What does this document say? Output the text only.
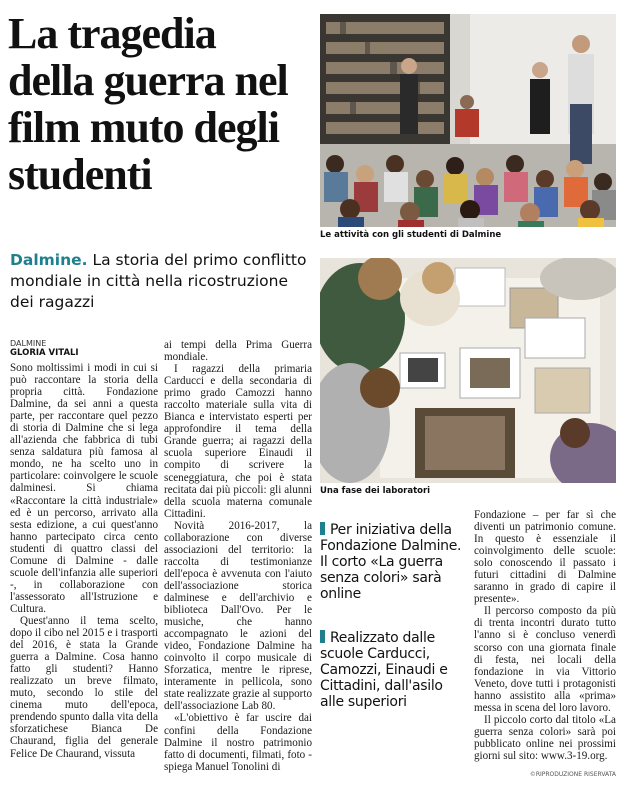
La tragedia della guerra nel film muto degli studenti
Dalmine. La storia del primo conflitto mondiale in città nella ricostruzione dei ragazzi
Le attività con gli studenti di Dalmine
Una fase dei laboratori
DALMINE
GLORIA VITALI

Sono moltissimi i modi in cui si può raccontare la storia della propria città. Fondazione Dalmine, da sei anni a questa parte, per raccontare quel pezzo di storia di Dalmine che si lega all'azienda che fabbrica di tubi senza saldatura più famosa al mondo, ne ha scelto uno in particolare: coinvolgere le scuole dalminesi. Si chiama «Raccontare la città industriale» ed è un percorso, arrivato alla sesta edizione, a cui quest'anno hanno partecipato circa cento studenti di quattro classi del Comune di Dalmine - dalle scuole dell'infanzia alle superiori -, in collaborazione con l'assessorato all'Istruzione e Cultura.

Quest'anno il tema scelto, dopo il cibo nel 2015 e i trasporti del 2016, è stata la Grande guerra a Dalmine. Cosa hanno fatto gli studenti? Hanno realizzato un breve filmato, muto, secondo lo stile del cinema muto dell'epoca, prendendo spunto dalla vita della sforzatichese Bianca De Chaurand, figlia del generale Felice De Chaurand, vissuta

ai tempi della Prima Guerra mondiale.

I ragazzi della primaria Carducci e della secondaria di primo grado Camozzi hanno raccolto materiale sulla vita di Bianca e intervistato esperti per approfondire il tema della Grande guerra; ai ragazzi della scuola superiore Einaudi il compito di scrivere la sceneggiatura, che poi è stata recitata dai più piccoli: gli alunni della scuola materna comunale Cittadini.

Novità 2016-2017, la collaborazione con diverse associazioni del territorio: la raccolta di testimonianze dell'epoca è avvenuta con l'aiuto dell'associazione storica dalminese e dell'archivio e biblioteca Dall'Ovo. Per le musiche, che hanno accompagnato le azioni del video, Fondazione Dalmine ha coinvolto il corpo musicale di Sforzatica, mentre le riprese, interamente in pellicola, sono state realizzate grazie al supporto dell'associazione Lab 80.

«L'obiettivo è far uscire dai confini della Fondazione Dalmine il nostro patrimonio fatto di documenti, filmati, foto -spiega Manuel Tonolini di

Per iniziativa della Fondazione Dalmine. Il corto «La guerra senza colori» sarà online
Realizzato dalle scuole Carducci, Camozzi, Einaudi e Cittadini, dall'asilo alle superiori

Fondazione – per far sì che diventi un patrimonio comune. In questo è essenziale il coinvolgimento delle scuole: solo conoscendo il passato i futuri cittadini di Dalmine saranno in grado di capire il presente».

Il percorso composto da più di trenta incontri durato tutto l'anno si è concluso venerdì scorso con una giornata finale di festa, nei locali della fondazione in via Vittorio Veneto, dove tutti i protagonisti hanno assistito alla «prima» messa in scena del loro lavoro.

Il piccolo corto dal titolo «La guerra senza colori» sarà poi pubblicato online nei prossimi giorni sul sito: www.3-19.org.

©RIPRODUZIONE RISERVATA
